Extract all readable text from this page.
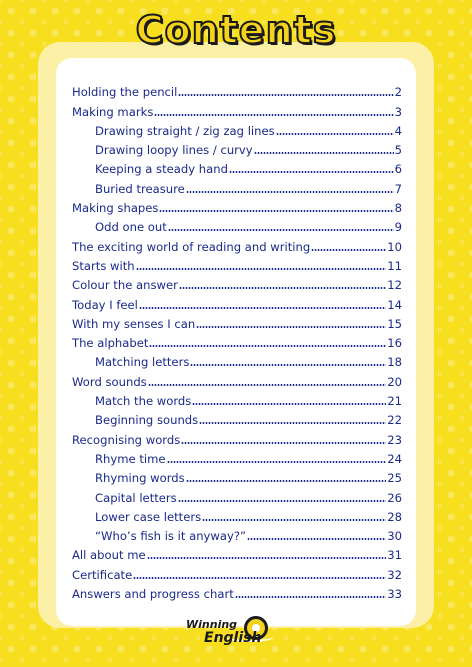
Contents
Holding the pencil	2
Making marks	3
Drawing straight / zig zag lines	4
Drawing loopy lines / curvy	5
Keeping a steady hand	6
Buried treasure	7
Making shapes	8
Odd one out	9
The exciting world of reading and writing	10
Starts with	11
Colour the answer	12
Today I feel	14
With my senses I can	15
The alphabet	16
Matching letters	18
Word sounds	20
Match the words	21
Beginning sounds	22
Recognising words	23
Rhyme time	24
Rhyming words	25
Capital letters	26
Lower case letters	28
“Who’s fish is it anyway?”	30
All about me	31
Certificate	32
Answers and progress chart	33
Winning
English
